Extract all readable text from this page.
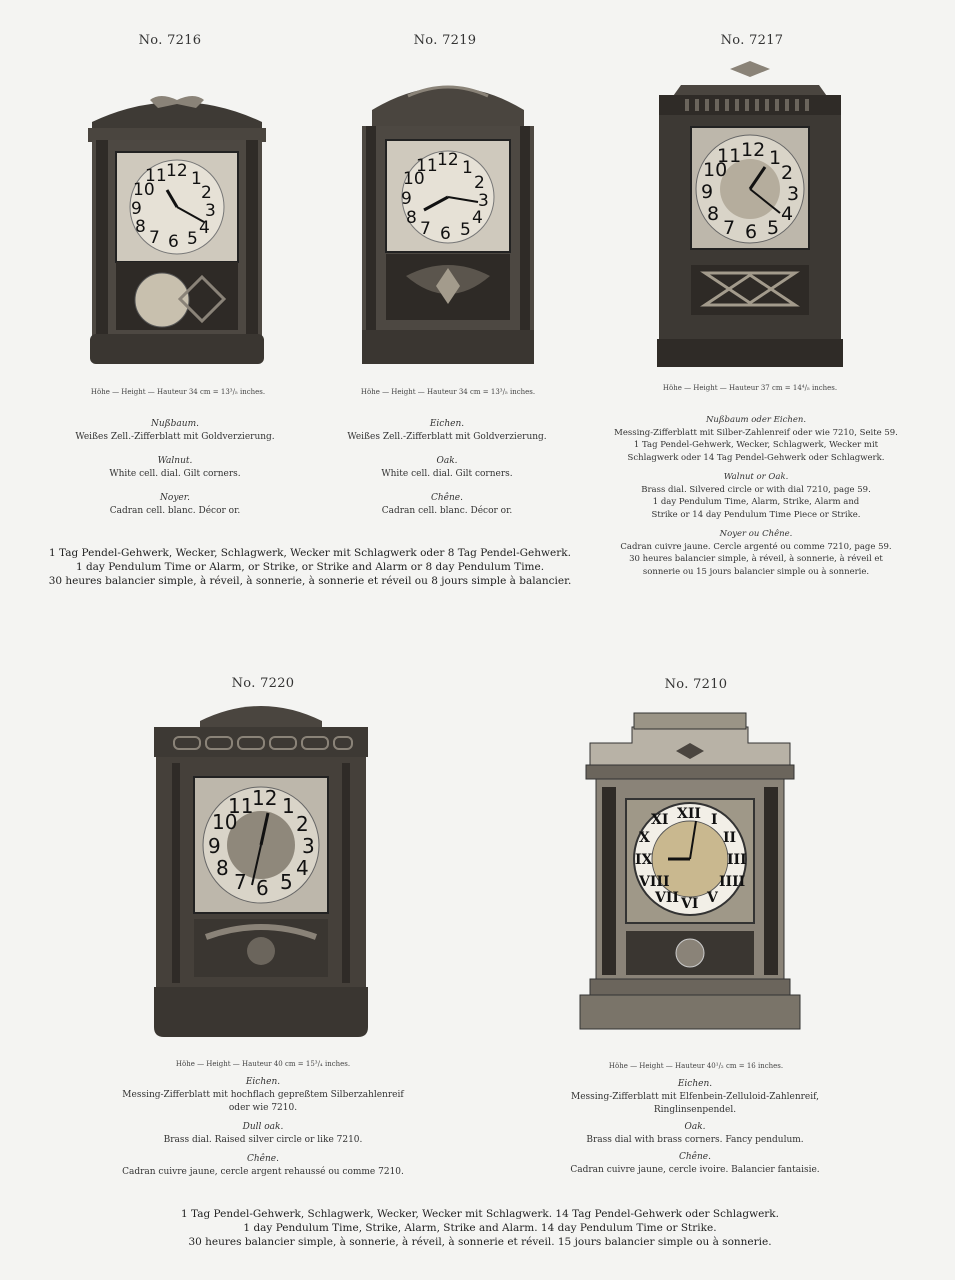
No. 7216	No. 7219	No. 7217
No. 7220	No. 7210
12 1
2
3
4
5
6
7
8
9
10
11
12 1
2
3
4
5
6
7
8
9
10
11
12 1
2
3
4
5
6
7
8
9
10
11
12 1
2
3
4
5
6
7
8
9
10
11	XII I
II
III
IIII
V
VI
VII
VIII
IX
X
XI
Höhe — Height — Hauteur 34 cm = 13³/₅ inches.	Höhe — Height — Hauteur 34 cm = 13³/₅ inches.	Höhe — Height — Hauteur 37 cm = 14⁴/₅ inches.
Höhe — Height — Hauteur 40 cm = 15³/₄ inches.	Höhe — Height — Hauteur 40¹/₂ cm = 16 inches.
Nußbaum.
Weißes Zell.-Zifferblatt mit Goldverzierung.
Walnut.
White cell. dial. Gilt corners.
Noyer.
Cadran cell. blanc. Décor or.
Eichen.
Weißes Zell.-Zifferblatt mit Goldverzierung.
Oak.
White cell. dial. Gilt corners.
Chêne.
Cadran cell. blanc. Décor or.
Nußbaum oder Eichen.
Messing-Zifferblatt mit Silber-Zahlenreif oder wie 7210, Seite 59.
1 Tag Pendel-Gehwerk, Wecker, Schlagwerk, Wecker mit
Schlagwerk oder 14 Tag Pendel-Gehwerk oder Schlagwerk.
Walnut or Oak.
Brass dial. Silvered circle or with dial 7210, page 59.
1 day Pendulum Time, Alarm, Strike, Alarm and
Strike or 14 day Pendulum Time Piece or Strike.
Noyer ou Chêne.
Cadran cuivre jaune. Cercle argenté ou comme 7210, page 59.
30 heures balancier simple, à réveil, à sonnerie, à réveil et
sonnerie ou 15 jours balancier simple ou à sonnerie.
Eichen.
Messing-Zifferblatt mit hochflach gepreßtem Silberzahlenreif
oder wie 7210.
Dull oak.
Brass dial. Raised silver circle or like 7210.
Chêne.
Cadran cuivre jaune, cercle argent rehaussé ou comme 7210.
Eichen.
Messing-Zifferblatt mit Elfenbein-Zelluloid-Zahlenreif,
Ringlinsenpendel.
Oak.
Brass dial with brass corners. Fancy pendulum.
Chêne.
Cadran cuivre jaune, cercle ivoire. Balancier fantaisie.
1 Tag Pendel-Gehwerk, Wecker, Schlagwerk, Wecker mit Schlagwerk oder 8 Tag Pendel-Gehwerk.
1 day Pendulum Time or Alarm, or Strike, or Strike and Alarm or 8 day Pendulum Time.
30 heures balancier simple, à réveil, à sonnerie, à sonnerie et réveil ou 8 jours simple à balancier.
1 Tag Pendel-Gehwerk, Schlagwerk, Wecker, Wecker mit Schlagwerk. 14 Tag Pendel-Gehwerk oder Schlagwerk.
1 day Pendulum Time, Strike, Alarm, Strike and Alarm. 14 day Pendulum Time or Strike.
30 heures balancier simple, à sonnerie, à réveil, à sonnerie et réveil. 15 jours balancier simple ou à sonnerie.
